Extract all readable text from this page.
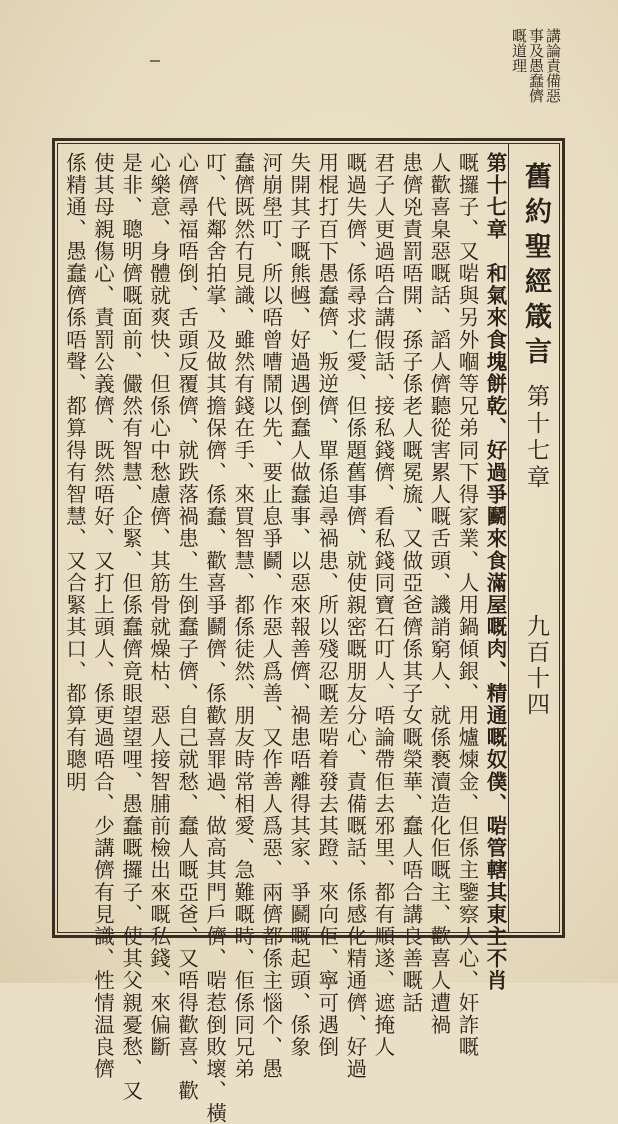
講論責備惡
事及愚蠢儕
嘅道理
舊約聖經箴言
第十七章
九百十四
第十七章　和氣來食塊餅乾、好過爭鬬來食滿屋嘅肉、精通嘅奴僕、啱管轄其東主不肖
嘅攞子、又啱與另外嗰等兄弟同下得家業、人用鍋傾銀、用爐煉金、但係主鑒察人心、奸詐嘅
人歡喜臬惡嘅話、謟人儕聽從害累人嘅舌頭、譏誚窮人、就係褻瀆造化佢嘅主、歡喜人遭禍
患儕兇責罰唔開、孫子係老人嘅冕旒、又做亞爸儕係其子女嘅榮華、蠢人唔合講良善嘅話
君子人更過唔合講假話、接私錢儕、看私錢同寶石叮人、唔論帶佢去邪里、都有順遂、遮掩人
嘅過失儕、係尋求仁愛、但係題舊事儕、就使親密嘅朋友分心、責備嘅話、係感化精通儕、好過
用棍打百下愚蠢儕、叛逆儕、單係追尋禍患、所以殘忍嘅差啱着發去其蹬、來向佢、寧可遇倒
失開其子嘅熊乸、好過遇倒蠢人做蠢事、以惡來報善儕、禍患唔離得其家、爭鬬嘅起頭、係象
河崩壆叮、所以唔曾嘈鬧以先、要止息爭鬬、作惡人爲善、又作善人爲惡、兩儕都係主惱个、愚
蠢儕既然冇見識、雖然有錢在手、來買智慧、都係徒然、朋友時常相愛、急難嘅時、佢係同兄弟
叮、代鄰舍拍掌、及做其擔保儕、係蠢、歡喜爭鬬儕、係歡喜罪過、做高其門戶儕、啱惹倒敗壞、橫
心儕尋福唔倒、舌頭反覆儕、就跌落禍患、生倒蠢子儕、自己就愁、蠢人嘅亞爸、又唔得歡喜、歡
心樂意、身體就爽快、但係心中愁慮儕、其筋骨就燥枯、惡人接智脯前檢出來嘅私錢、來偏斷
是非、聰明儕嘅面前、儼然有智慧、企緊、但係蠢儕竟眼望望哩、愚蠢嘅攞子、使其父親憂愁、又
使其母親傷心、責罰公義儕、既然唔好、又打上頭人、係更過唔合、少講儕有見識、性情温良儕
係精通、愚蠢儕係唔聲、都算得有智慧、又合緊其口、都算有聰明
